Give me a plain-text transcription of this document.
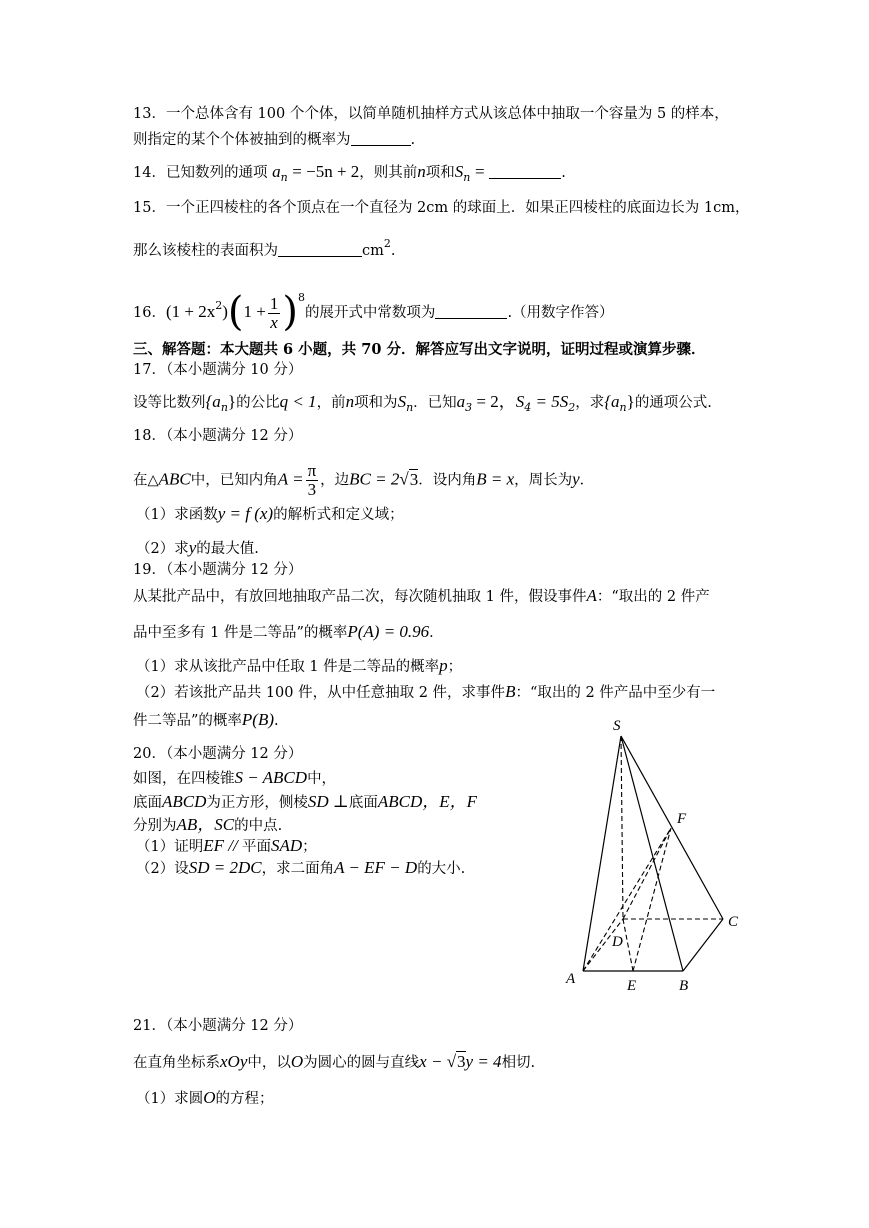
13．一个总体含有 100 个个体，以简单随机抽样方式从该总体中抽取一个容量为 5 的样本，
则指定的某个个体被抽到的概率为	.
14．已知数列的通项 $a_n = -5n + 2$，则其前n项和$S_n$ =	.
15．一个正四棱柱的各个顶点在一个直径为 2cm 的球面上．如果正四棱柱的底面边长为 1cm，
那么该棱柱的表面积为	$cm^2$.
16．$(1 + 2x^2)(1 + \frac{1}{x} )^8$的展开式中常数项为	.（用数字作答）
三、解答题：本大题共 6 小题，共 70 分．解答应写出文字说明，证明过程或演算步骤．
17．（本小题满分 10 分）
设等比数列$\{a_n\}$的公比q < 1，前n项和为$S_n$．已知$a_3 = 2$，$S_4 = 5S_2$，求$\{a_n\}$的通项公式.
18．（本小题满分 12 分）
在△ABC中，已知内角$A = \frac{\pi}{3}$ ，边BC = 2√3．设内角B = x，周长为y．
（1）求函数y = f (x)的解析式和定义域；
（2）求y的最大值.
19．（本小题满分 12 分）
从某批产品中，有放回地抽取产品二次，每次随机抽取 1 件，假设事件A：“取出的 2 件产
品中至多有 1 件是二等品”的概率P(A) = 0.96．
（1）求从该批产品中任取 1 件是二等品的概率p；
（2）若该批产品共 100 件，从中任意抽取 2 件，求事件B：“取出的 2 件产品中至少有一
件二等品”的概率P(B).
20．（本小题满分 12 分）
如图，在四棱锥S − ABCD中，
底面ABCD为正方形，侧棱SD ⊥底面ABCD，E，F
分别为AB，SC的中点.
（1）证明EF // 平面SAD；
（2）设SD = 2DC，求二面角A − EF − D的大小.
S
A	B
C
D
E
F
21．（本小题满分 12 分）
在直角坐标系xOy中，以O为圆心的圆与直线x − √3y = 4相切.
（1）求圆O的方程；
